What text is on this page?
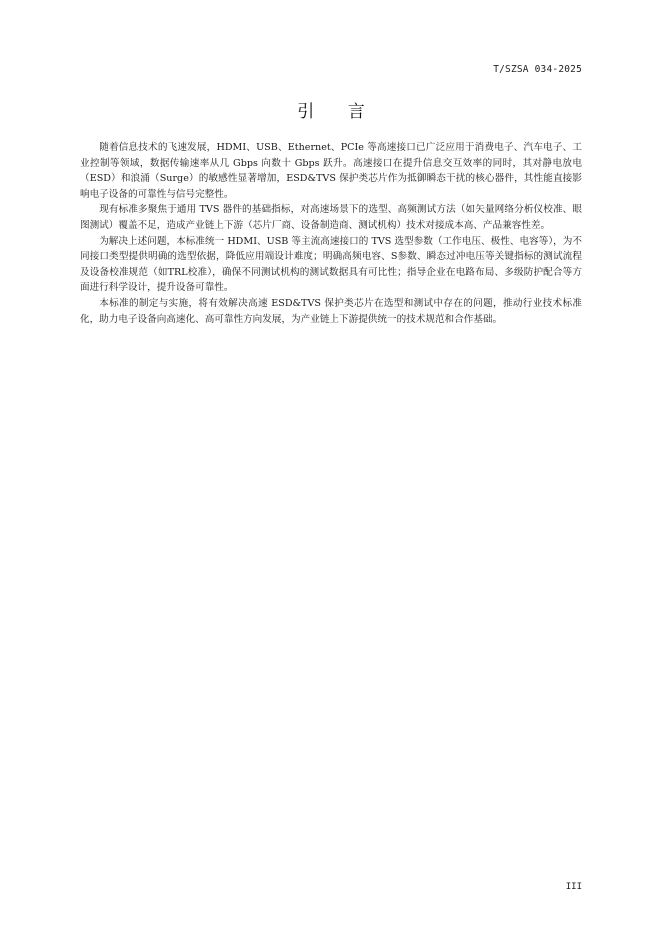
T/SZSA 034-2025
引 言

随着信息技术的飞速发展，HDMI、USB、Ethernet、PCIe 等高速接口已广泛应用于消费电子、汽车电子、工业控制等领域，数据传输速率从几 Gbps 向数十 Gbps 跃升。高速接口在提升信息交互效率的同时，其对静电放电（ESD）和浪涌（Surge）的敏感性显著增加，ESD&TVS 保护类芯片作为抵御瞬态干扰的核心器件，其性能直接影响电子设备的可靠性与信号完整性。

现有标准多聚焦于通用 TVS 器件的基础指标，对高速场景下的选型、高频测试方法（如矢量网络分析仪校准、眼图测试）覆盖不足，造成产业链上下游（芯片厂商、设备制造商、测试机构）技术对接成本高、产品兼容性差。

为解决上述问题，本标准统一 HDMI、USB 等主流高速接口的 TVS 选型参数（工作电压、极性、电容等），为不同接口类型提供明确的选型依据，降低应用端设计难度；明确高频电容、S参数、瞬态过冲电压等关键指标的测试流程及设备校准规范（如TRL校准），确保不同测试机构的测试数据具有可比性；指导企业在电路布局、多级防护配合等方面进行科学设计，提升设备可靠性。

本标准的制定与实施，将有效解决高速 ESD&TVS 保护类芯片在选型和测试中存在的问题，推动行业技术标准化，助力电子设备向高速化、高可靠性方向发展，为产业链上下游提供统一的技术规范和合作基础。

III
